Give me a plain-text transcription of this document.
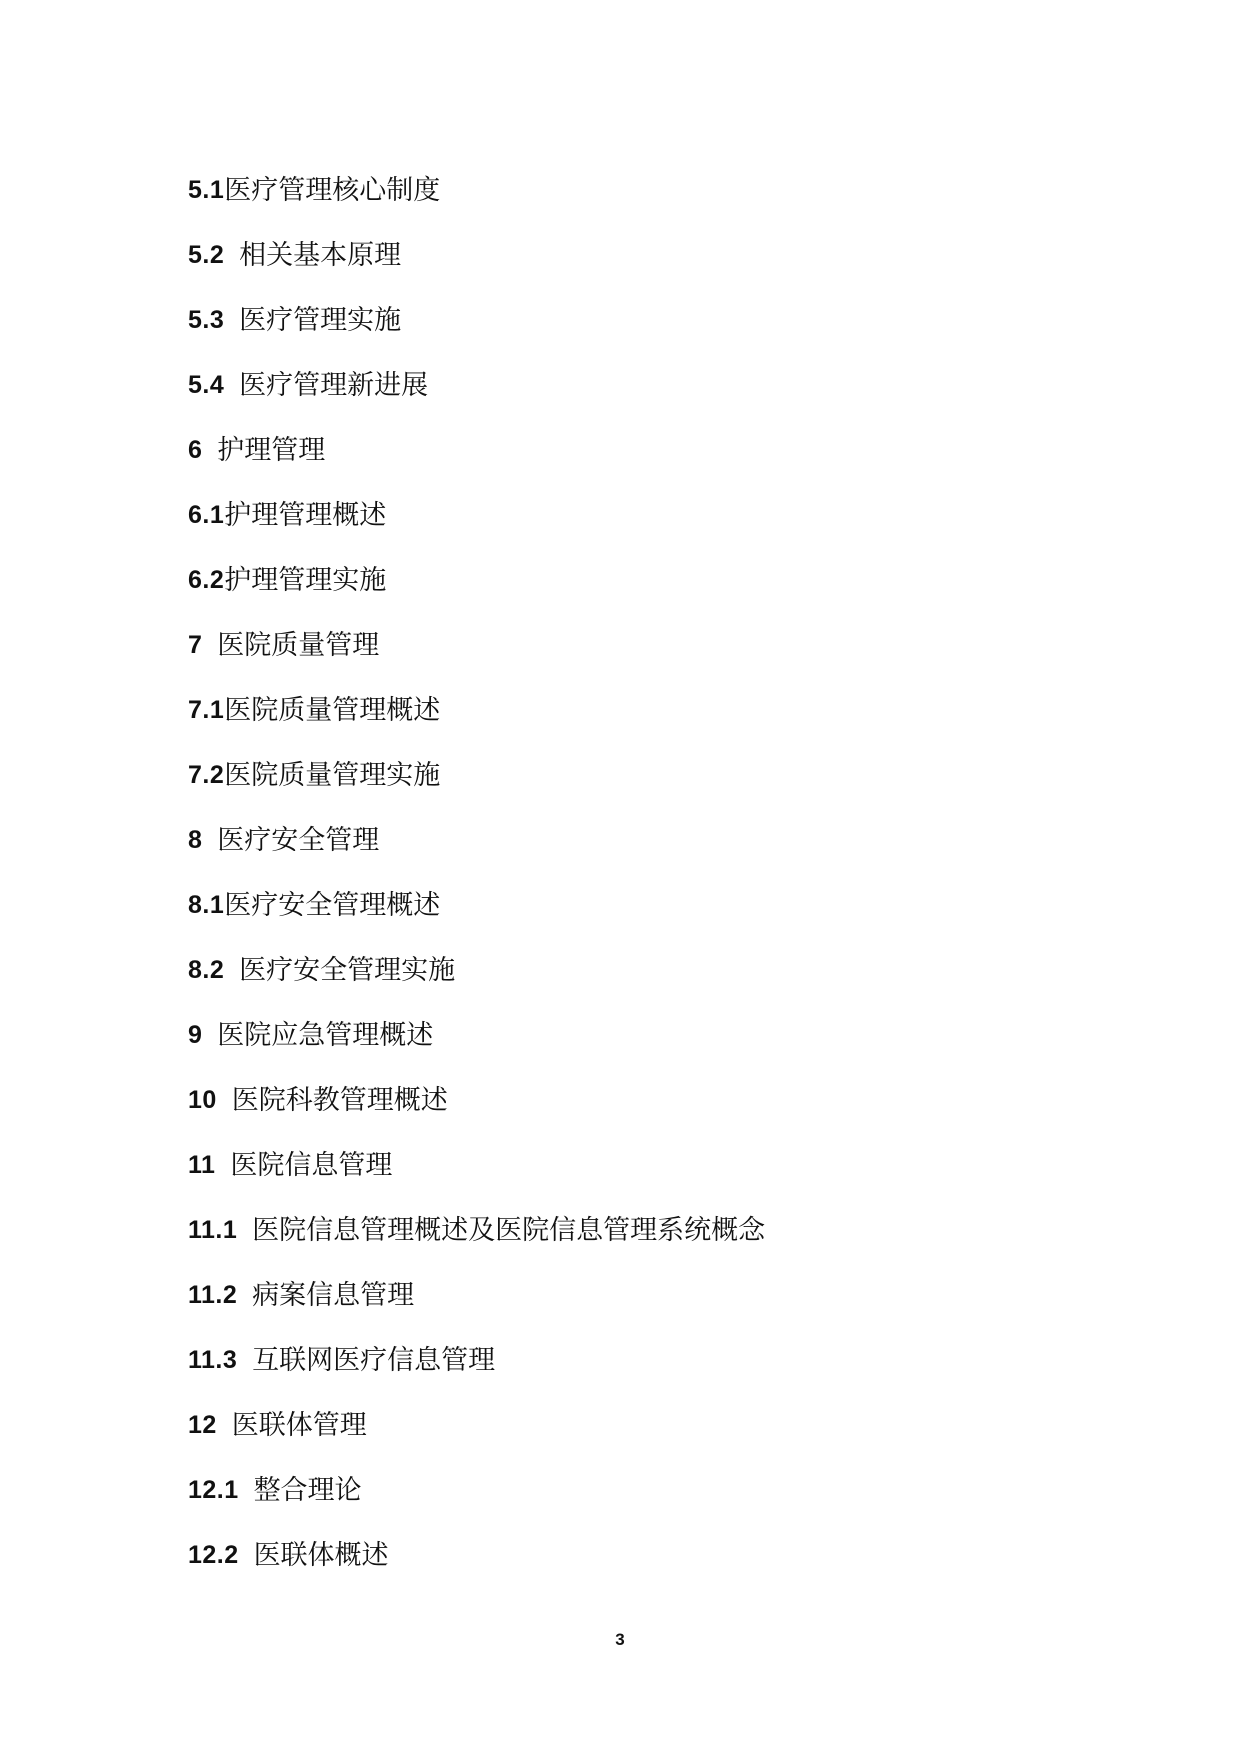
5.1 医疗管理核心制度
5.2 相关基本原理
5.3 医疗管理实施
5.4 医疗管理新进展
6 护理管理
6.1 护理管理概述
6.2 护理管理实施
7 医院质量管理
7.1 医院质量管理概述
7.2 医院质量管理实施
8 医疗安全管理
8.1 医疗安全管理概述
8.2 医疗安全管理实施
9 医院应急管理概述
10 医院科教管理概述
11 医院信息管理
11.1 医院信息管理概述及医院信息管理系统概念
11.2 病案信息管理
11.3 互联网医疗信息管理
12 医联体管理
12.1 整合理论
12.2 医联体概述
3
